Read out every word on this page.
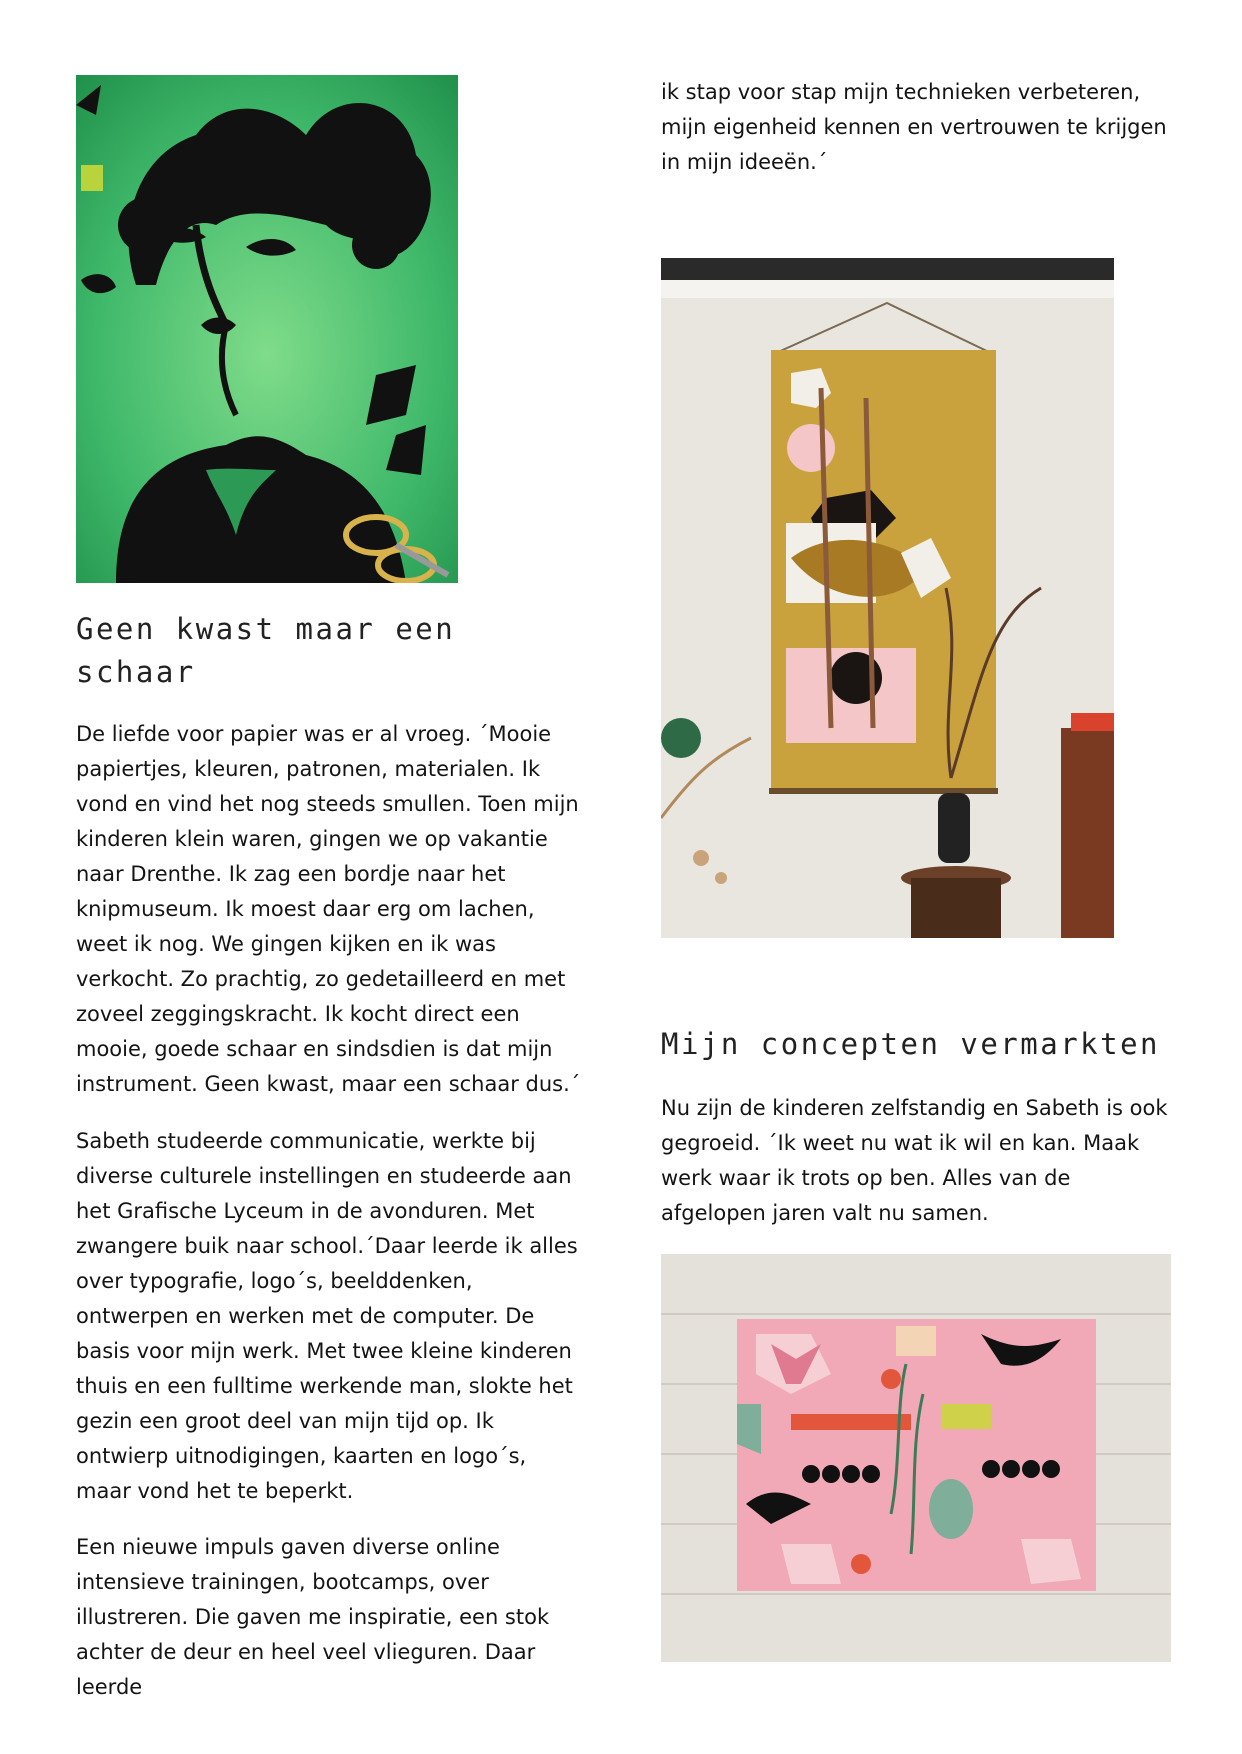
Geen kwast maar een schaar

De liefde voor papier was er al vroeg. ´Mooie papiertjes, kleuren, patronen, materialen. Ik vond en vind het nog steeds smullen. Toen mijn kinderen klein waren, gingen we op vakantie naar Drenthe. Ik zag een bordje naar het knipmuseum. Ik moest daar erg om lachen, weet ik nog. We gingen kijken en ik was verkocht. Zo prachtig, zo gedetailleerd en met zoveel zeggingskracht. Ik kocht direct een mooie, goede schaar en sindsdien is dat mijn instrument. Geen kwast, maar een schaar dus.´

Sabeth studeerde communicatie, werkte bij diverse culturele instellingen en studeerde aan het Grafische Lyceum in de avonduren. Met zwangere buik naar school.´Daar leerde ik alles over typografie, logo´s, beelddenken, ontwerpen en werken met de computer. De basis voor mijn werk. Met twee kleine kinderen thuis en een fulltime werkende man, slokte het gezin een groot deel van mijn tijd op. Ik ontwierp uitnodigingen, kaarten en logo´s, maar vond het te beperkt.

Een nieuwe impuls gaven diverse online intensieve trainingen, bootcamps, over illustreren. Die gaven me inspiratie, een stok achter de deur en heel veel vlieguren. Daar leerde

ik stap voor stap mijn technieken verbeteren, mijn eigenheid kennen en vertrouwen te krijgen in mijn ideeën.´

Mijn concepten vermarkten

Nu zijn de kinderen zelfstandig en Sabeth is ook gegroeid. ´Ik weet nu wat ik wil en kan. Maak werk waar ik trots op ben. Alles van de afgelopen jaren valt nu samen.
